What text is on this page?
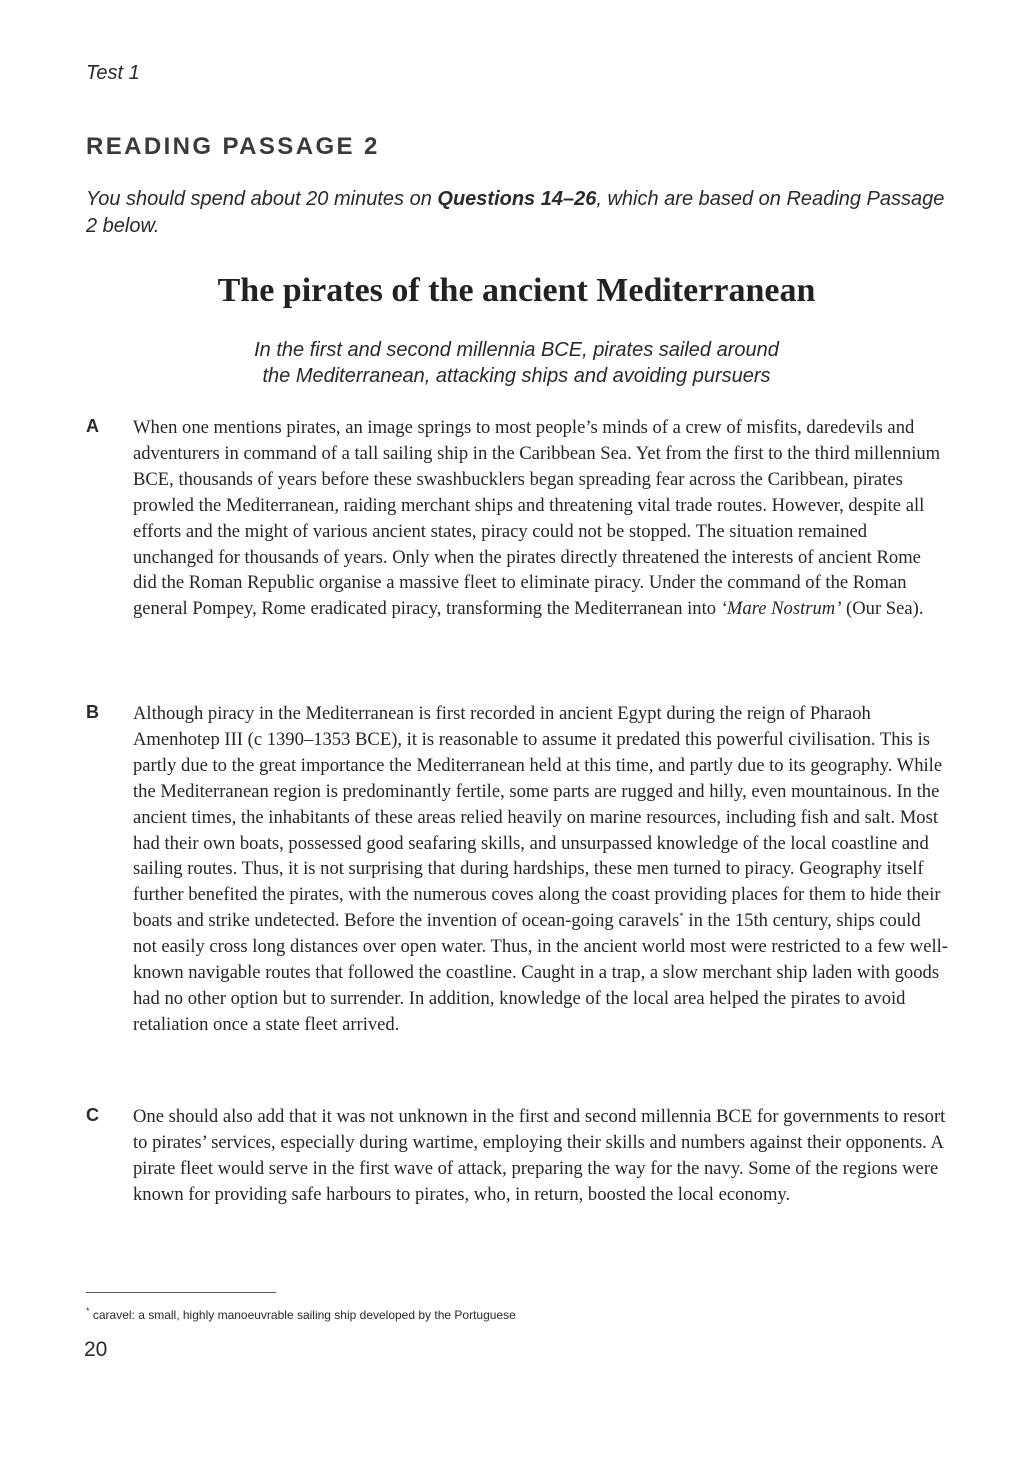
Test 1
READING PASSAGE 2
You should spend about 20 minutes on Questions 14–26, which are based on Reading Passage 2 below.
The pirates of the ancient Mediterranean
In the first and second millennia BCE, pirates sailed around
the Mediterranean, attacking ships and avoiding pursuers
A When one mentions pirates, an image springs to most people’s minds of a crew of misfits, daredevils and adventurers in command of a tall sailing ship in the Caribbean Sea. Yet from the first to the third millennium BCE, thousands of years before these swashbucklers began spreading fear across the Caribbean, pirates prowled the Mediterranean, raiding merchant ships and threatening vital trade routes. However, despite all efforts and the might of various ancient states, piracy could not be stopped. The situation remained unchanged for thousands of years. Only when the pirates directly threatened the interests of ancient Rome did the Roman Republic organise a massive fleet to eliminate piracy. Under the command of the Roman general Pompey, Rome eradicated piracy, transforming the Mediterranean into ‘Mare Nostrum’ (Our Sea).
B Although piracy in the Mediterranean is first recorded in ancient Egypt during the reign of Pharaoh Amenhotep III (c 1390–1353 BCE), it is reasonable to assume it predated this powerful civilisation. This is partly due to the great importance the Mediterranean held at this time, and partly due to its geography. While the Mediterranean region is predominantly fertile, some parts are rugged and hilly, even mountainous. In the ancient times, the inhabitants of these areas relied heavily on marine resources, including fish and salt. Most had their own boats, possessed good seafaring skills, and unsurpassed knowledge of the local coastline and sailing routes. Thus, it is not surprising that during hardships, these men turned to piracy. Geography itself further benefited the pirates, with the numerous coves along the coast providing places for them to hide their boats and strike undetected. Before the invention of ocean-going caravels* in the 15th century, ships could not easily cross long distances over open water. Thus, in the ancient world most were restricted to a few well-known navigable routes that followed the coastline. Caught in a trap, a slow merchant ship laden with goods had no other option but to surrender. In addition, knowledge of the local area helped the pirates to avoid retaliation once a state fleet arrived.
C One should also add that it was not unknown in the first and second millennia BCE for governments to resort to pirates’ services, especially during wartime, employing their skills and numbers against their opponents. A pirate fleet would serve in the first wave of attack, preparing the way for the navy. Some of the regions were known for providing safe harbours to pirates, who, in return, boosted the local economy.
* caravel: a small, highly manoeuvrable sailing ship developed by the Portuguese
20
